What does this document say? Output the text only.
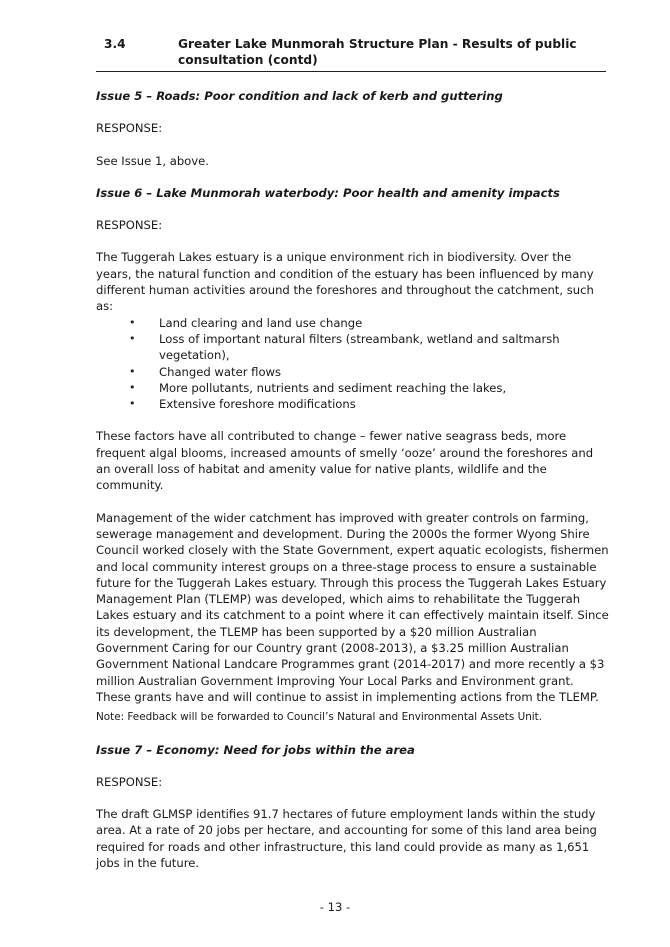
3.4	Greater Lake Munmorah Structure Plan - Results of public consultation (contd)
Issue 5 – Roads: Poor condition and lack of kerb and guttering
RESPONSE:

See Issue 1, above.

Issue 6 – Lake Munmorah waterbody: Poor health and amenity impacts
RESPONSE:

The Tuggerah Lakes estuary is a unique environment rich in biodiversity. Over the years, the natural function and condition of the estuary has been influenced by many different human activities around the foreshores and throughout the catchment, such as:

• Land clearing and land use change
• Loss of important natural filters (streambank, wetland and saltmarsh vegetation),
• Changed water flows
• More pollutants, nutrients and sediment reaching the lakes,
• Extensive foreshore modifications

These factors have all contributed to change – fewer native seagrass beds, more frequent algal blooms, increased amounts of smelly ‘ooze’ around the foreshores and an overall loss of habitat and amenity value for native plants, wildlife and the community.

Management of the wider catchment has improved with greater controls on farming, sewerage management and development. During the 2000s the former Wyong Shire Council worked closely with the State Government, expert aquatic ecologists, fishermen and local community interest groups on a three-stage process to ensure a sustainable future for the Tuggerah Lakes estuary. Through this process the Tuggerah Lakes Estuary Management Plan (TLEMP) was developed, which aims to rehabilitate the Tuggerah Lakes estuary and its catchment to a point where it can effectively maintain itself. Since its development, the TLEMP has been supported by a $20 million Australian Government Caring for our Country grant (2008-2013), a $3.25 million Australian Government National Landcare Programmes grant (2014-2017) and more recently a $3 million Australian Government Improving Your Local Parks and Environment grant. These grants have and will continue to assist in implementing actions from the TLEMP.

Note: Feedback will be forwarded to Council’s Natural and Environmental Assets Unit.
Issue 7 – Economy: Need for jobs within the area
RESPONSE:

The draft GLMSP identifies 91.7 hectares of future employment lands within the study area. At a rate of 20 jobs per hectare, and accounting for some of this land area being required for roads and other infrastructure, this land could provide as many as 1,651 jobs in the future.

- 13 -
